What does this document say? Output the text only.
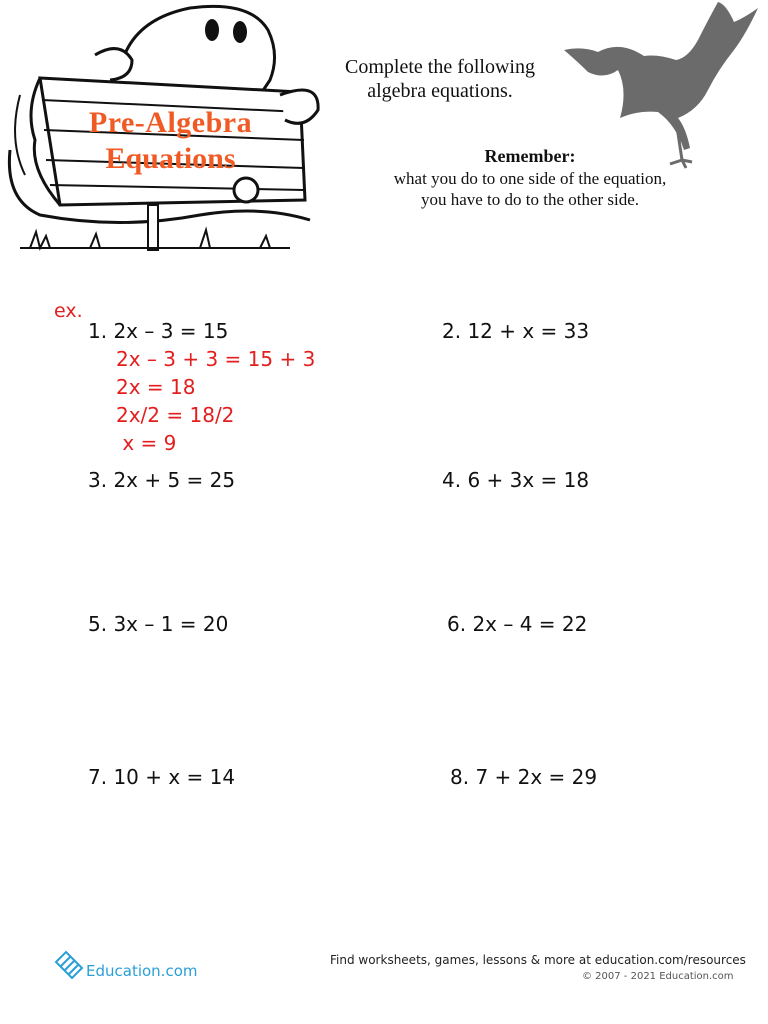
Pre-Algebra
Equations
Complete the following algebra equations.
Remember:
what you do to one side of the equation,
you have to do to the other side.
ex.
1. 2x – 3 = 15	2. 12 + x = 33
2x – 3 + 3 = 15 + 3
2x = 18
2x/2 = 18/2
x = 9
3. 2x + 5 = 25	4. 6 + 3x = 18
5. 3x – 1 = 20	6. 2x – 4 = 22
7. 10 + x = 14	8. 7 + 2x = 29
Education.com
Find worksheets, games, lessons & more at education.com/resources
© 2007 - 2021 Education.com
